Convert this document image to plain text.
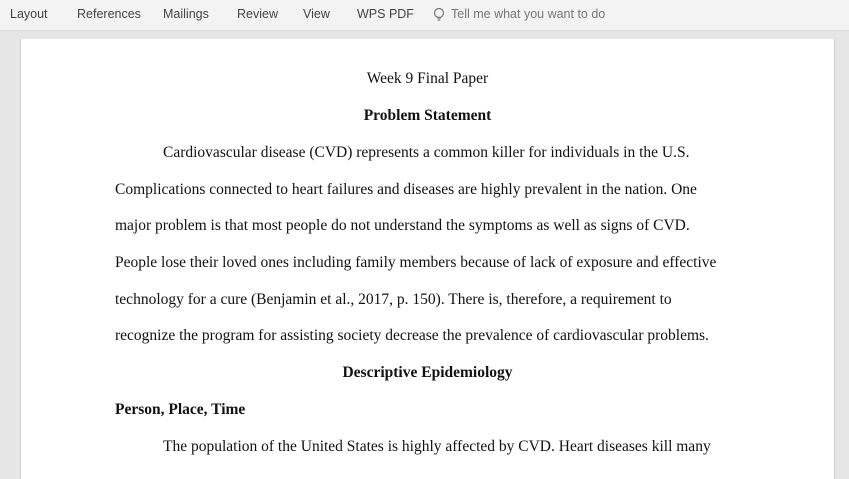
Layout References Mailings Review View WPS PDF	Tell me what you want to do
Week 9 Final Paper
Problem Statement
Cardiovascular disease (CVD) represents a common killer for individuals in the U.S.
Complications connected to heart failures and diseases are highly prevalent in the nation. One
major problem is that most people do not understand the symptoms as well as signs of CVD.
People lose their loved ones including family members because of lack of exposure and effective
technology for a cure (Benjamin et al., 2017, p. 150). There is, therefore, a requirement to
recognize the program for assisting society decrease the prevalence of cardiovascular problems.
Descriptive Epidemiology
Person, Place, Time
The population of the United States is highly affected by CVD. Heart diseases kill many
